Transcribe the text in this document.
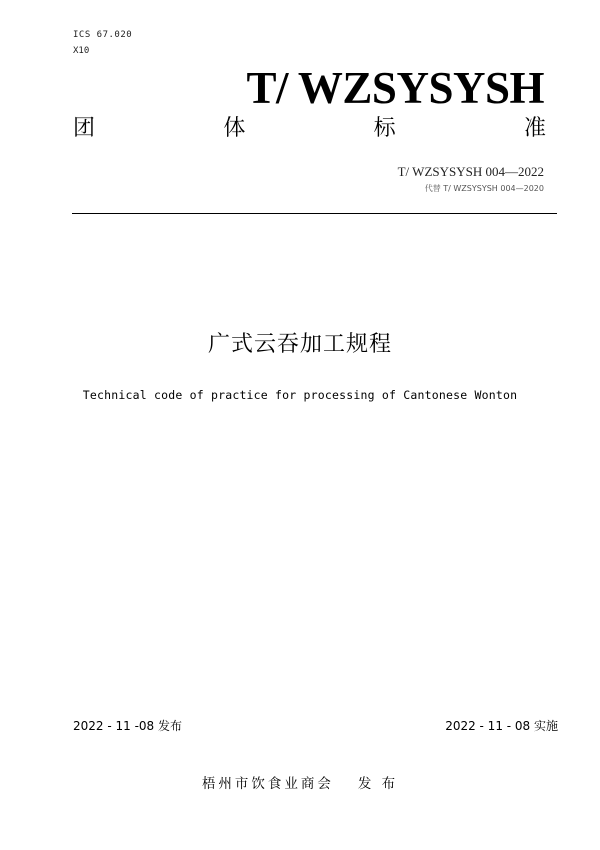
ICS 67.020
X10
T/ WZSYSYSH
团	体	标	准
T/ WZSYSYSH 004—2022
代替 T/ WZSYSYSH 004—2020
广式云吞加工规程
Technical code of practice for processing of Cantonese Wonton
2022 - 11 -08 发布	2022 - 11 - 08 实施
梧州市饮食业商会 发 布
